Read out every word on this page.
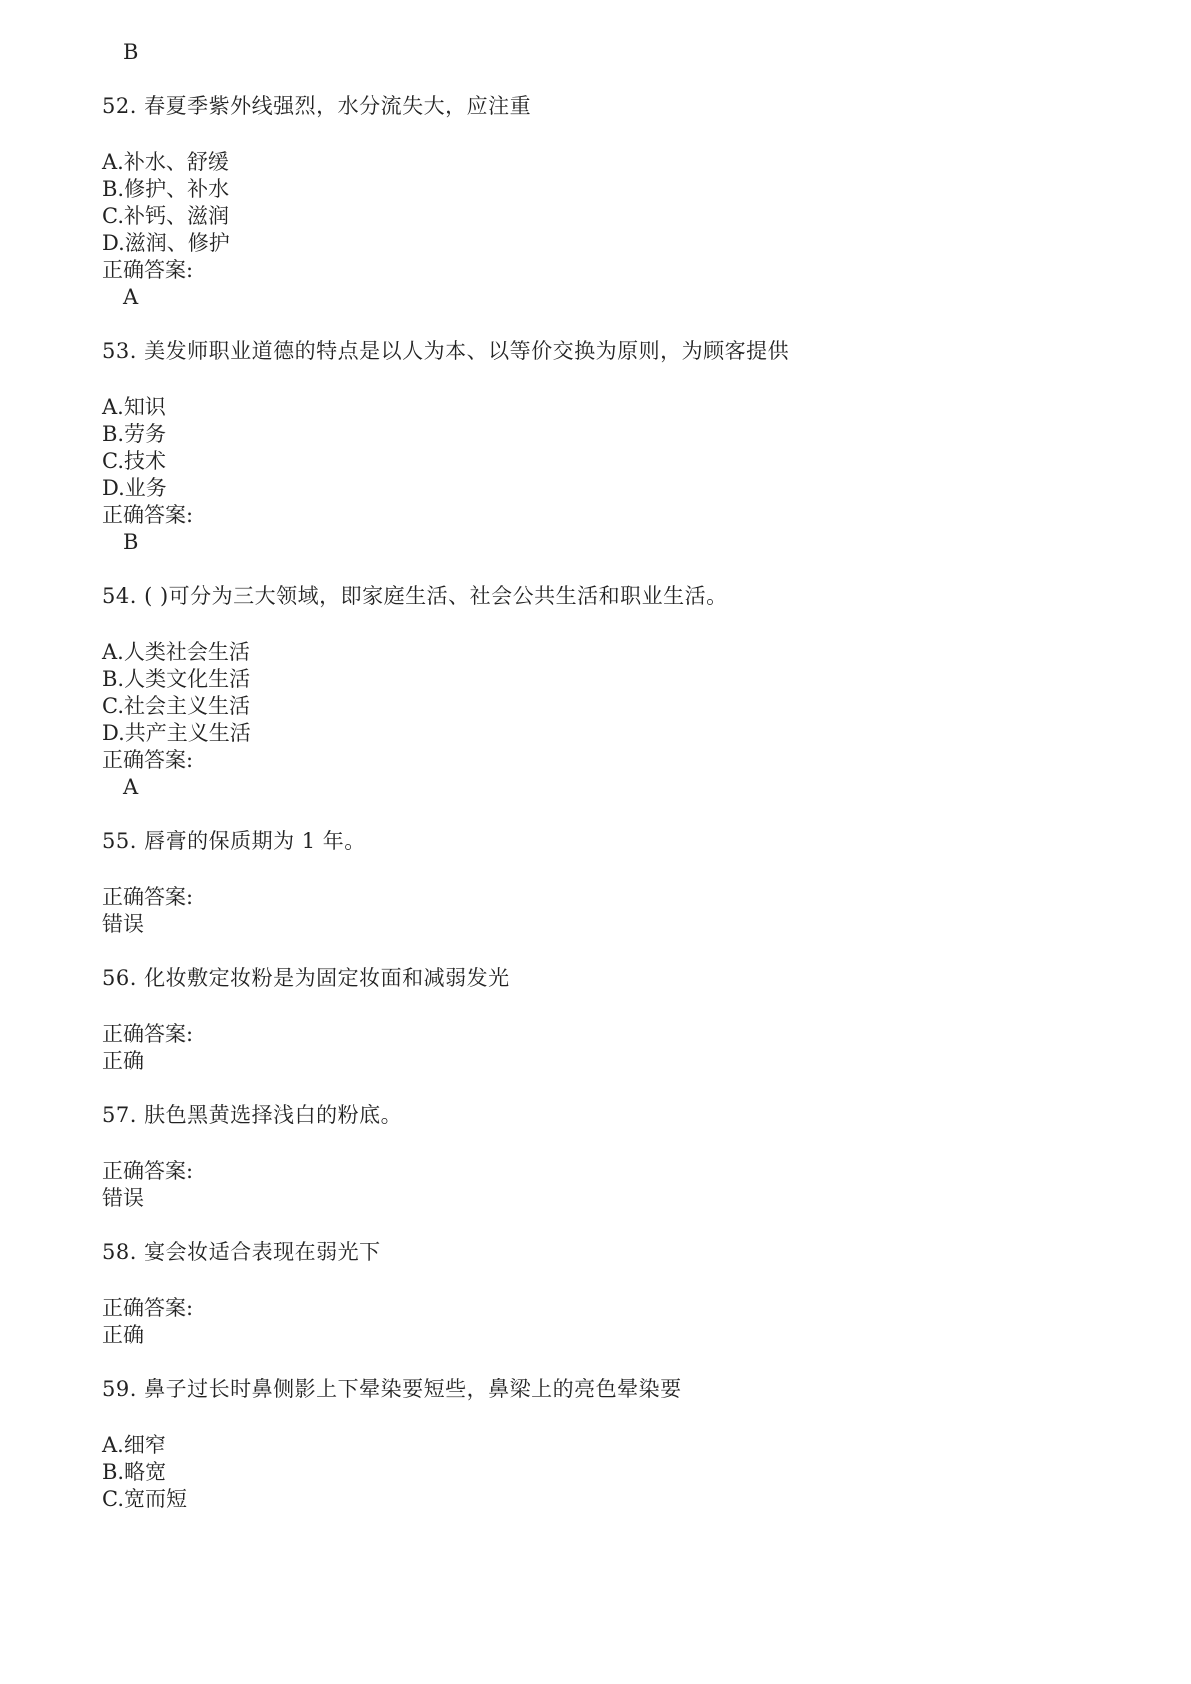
B
52. 春夏季紫外线强烈，水分流失大，应注重
A.补水、舒缓
B.修护、补水
C.补钙、滋润
D.滋润、修护
正确答案:
A
53. 美发师职业道德的特点是以人为本、以等价交换为原则，为顾客提供
A.知识
B.劳务
C.技术
D.业务
正确答案:
B
54. ( )可分为三大领域，即家庭生活、社会公共生活和职业生活。
A.人类社会生活
B.人类文化生活
C.社会主义生活
D.共产主义生活
正确答案:
A
55. 唇膏的保质期为 1 年。
正确答案:
错误
56. 化妆敷定妆粉是为固定妆面和减弱发光
正确答案:
正确
57. 肤色黑黄选择浅白的粉底。
正确答案:
错误
58. 宴会妆适合表现在弱光下
正确答案:
正确
59. 鼻子过长时鼻侧影上下晕染要短些，鼻梁上的亮色晕染要
A.细窄
B.略宽
C.宽而短
